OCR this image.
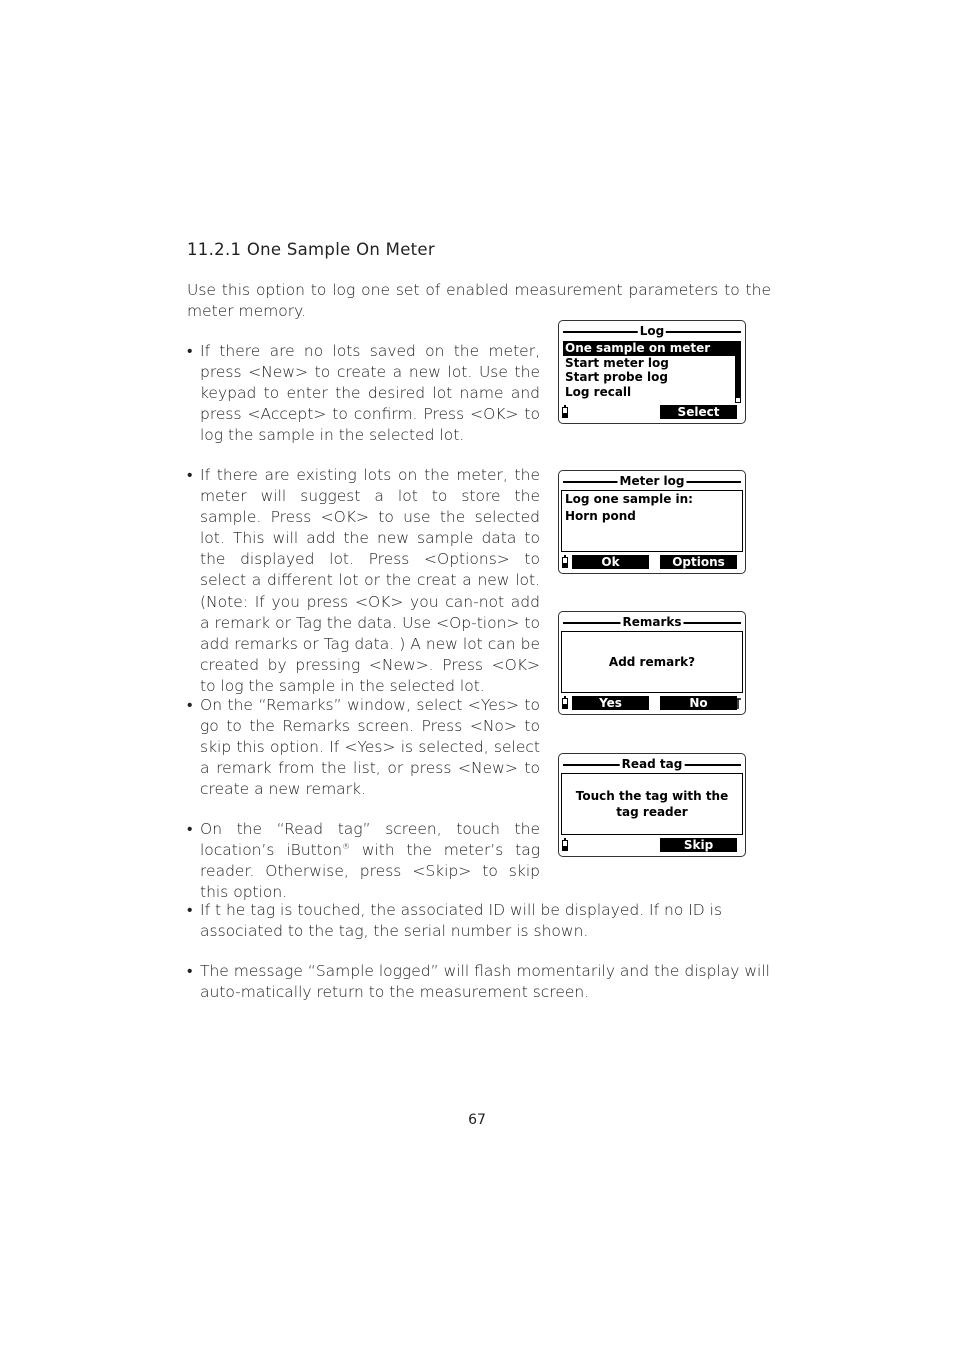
11.2.1 One Sample On Meter
Use this option to log one set of enabled measurement parameters to the meter memory.
• If there are no lots saved on the meter, press <New> to create a new lot. Use the keypad to enter the desired lot name and press <Accept> to confirm. Press <OK> to log the sample in the selected lot.
• If there are existing lots on the meter, the meter will suggest a lot to store the sample. Press <OK> to use the selected lot. This will add the new sample data to the displayed lot. Press <Options> to select a different lot or the creat a new lot. (Note: If you press <OK> you can-not add a remark or Tag the data. Use <Op-tion> to add remarks or Tag data. ) A new lot can be created by pressing <New>. Press <OK> to log the sample in the selected lot.
• On the “Remarks” window, select <Yes> to go to the Remarks screen. Press <No> to skip this option. If <Yes> is selected, select a remark from the list, or press <New> to create a new remark.
• On the “Read tag” screen, touch the location’s iButton® with the meter’s tag reader. Otherwise, press <Skip> to skip this option.
• If t he tag is touched, the associated ID will be displayed. If no ID is associated to the tag, the serial number is shown.
• The message “Sample logged” will flash momentarily and the display will auto-matically return to the measurement screen.
Log
One sample on meter
Start meter log
Start probe log
Log recall
Select
Meter log
Log one sample in:
Horn pond
Ok	Options
Remarks
Add remark?
Yes	No
Read tag
Touch the tag with the
tag reader
Skip
67
